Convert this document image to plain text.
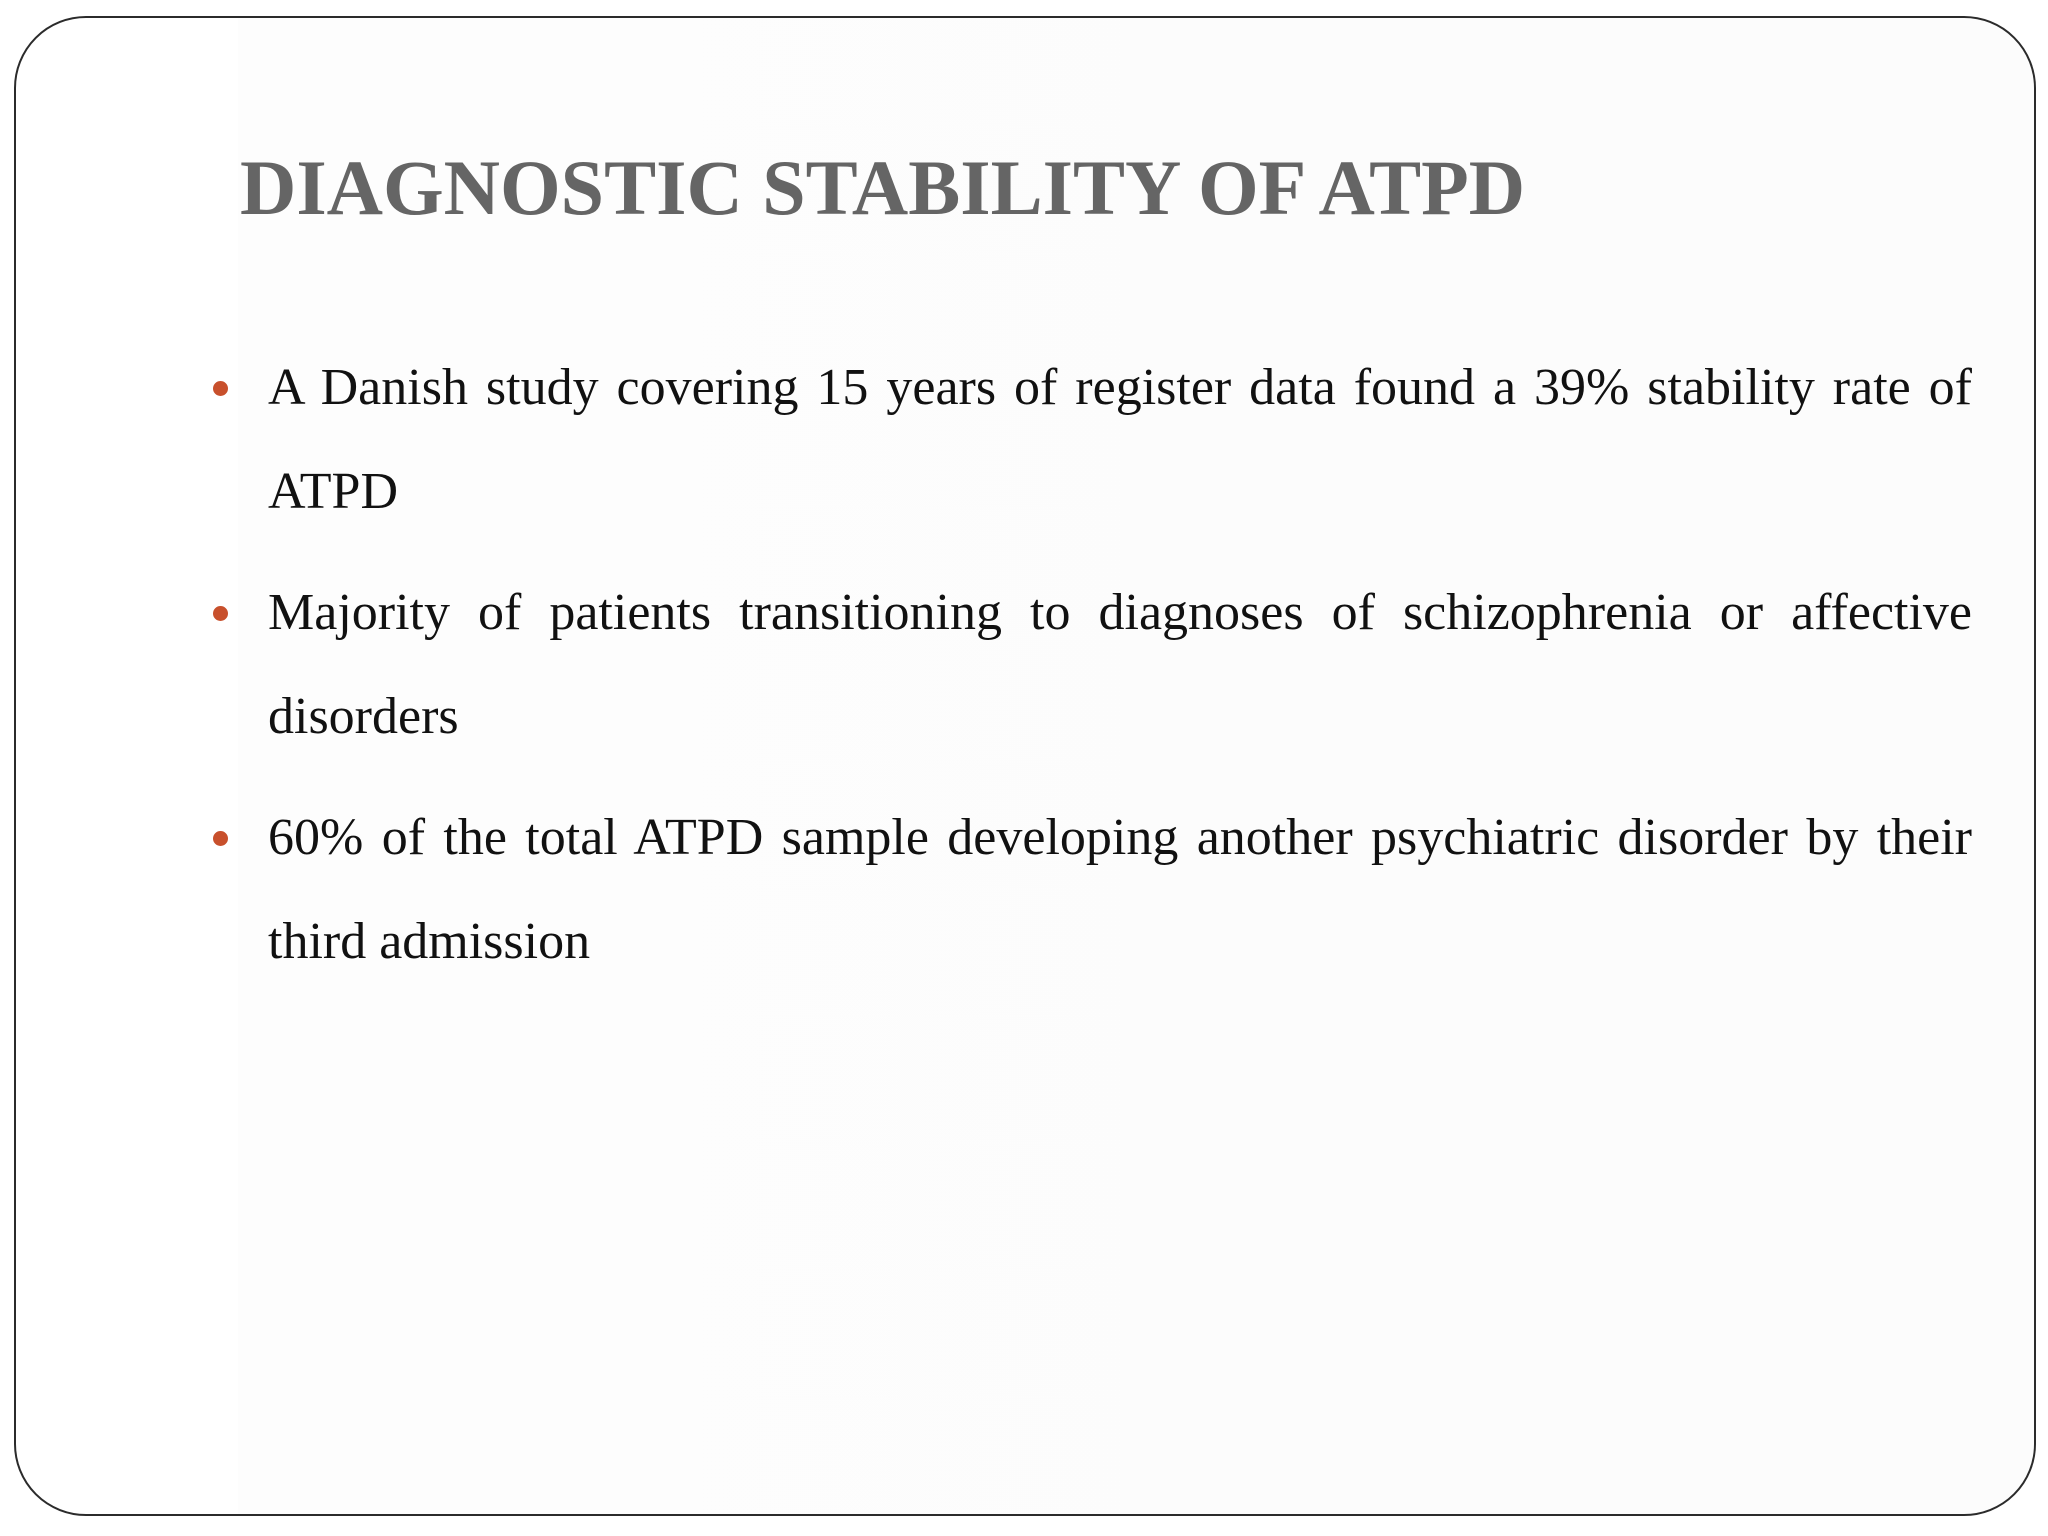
DIAGNOSTIC STABILITY OF ATPD
A Danish study covering 15 years of register data found a 39% stability rate of ATPD
Majority of patients transitioning to diagnoses of schizophrenia or affective disorders
60% of the total ATPD sample developing another psychiatric disorder by their third admission
